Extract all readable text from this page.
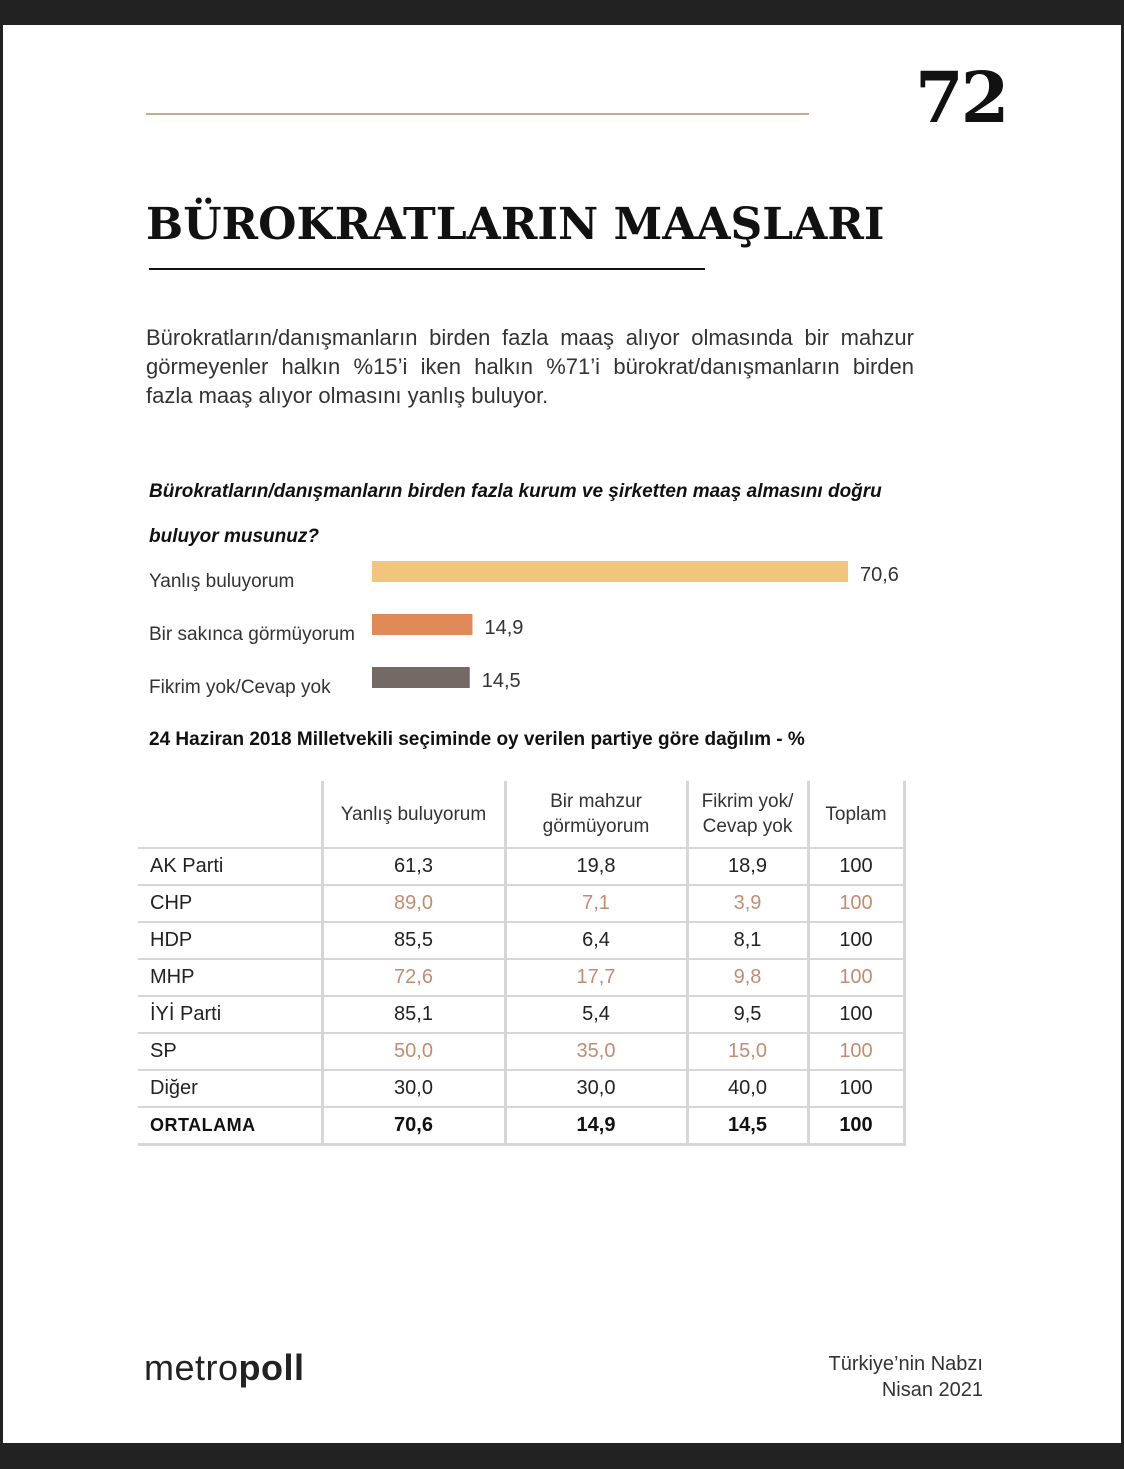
72
BÜROKRATLARIN MAAŞLARI
Bürokratların/danışmanların birden fazla maaş alıyor olmasında bir mahzur görmeyenler halkın %15’i iken halkın %71’i bürokrat/danışmanların birden fazla maaş alıyor olmasını yanlış buluyor.
Bürokratların/danışmanların birden fazla kurum ve şirketten maaş almasını doğru
buluyor musunuz?
Yanlış buluyorum	70,6
Bir sakınca görmüyorum	14,9
Fikrim yok/Cevap yok	14,5
24 Haziran 2018 Milletvekili seçiminde oy verilen partiye göre dağılım - %
	Yanlış buluyorum	Bir mahzur görmüyorum	Fikrim yok/ Cevap yok	Toplam
AK Parti	61,3	19,8	18,9	100
CHP	89,0	7,1	3,9	100
HDP	85,5	6,4	8,1	100
MHP	72,6	17,7	9,8	100
İYİ Parti	85,1	5,4	9,5	100
SP	50,0	35,0	15,0	100
Diğer	30,0	30,0	40,0	100
ORTALAMA	70,6	14,9	14,5	100
metropoll	Türkiye’nin Nabzı
Nisan 2021
